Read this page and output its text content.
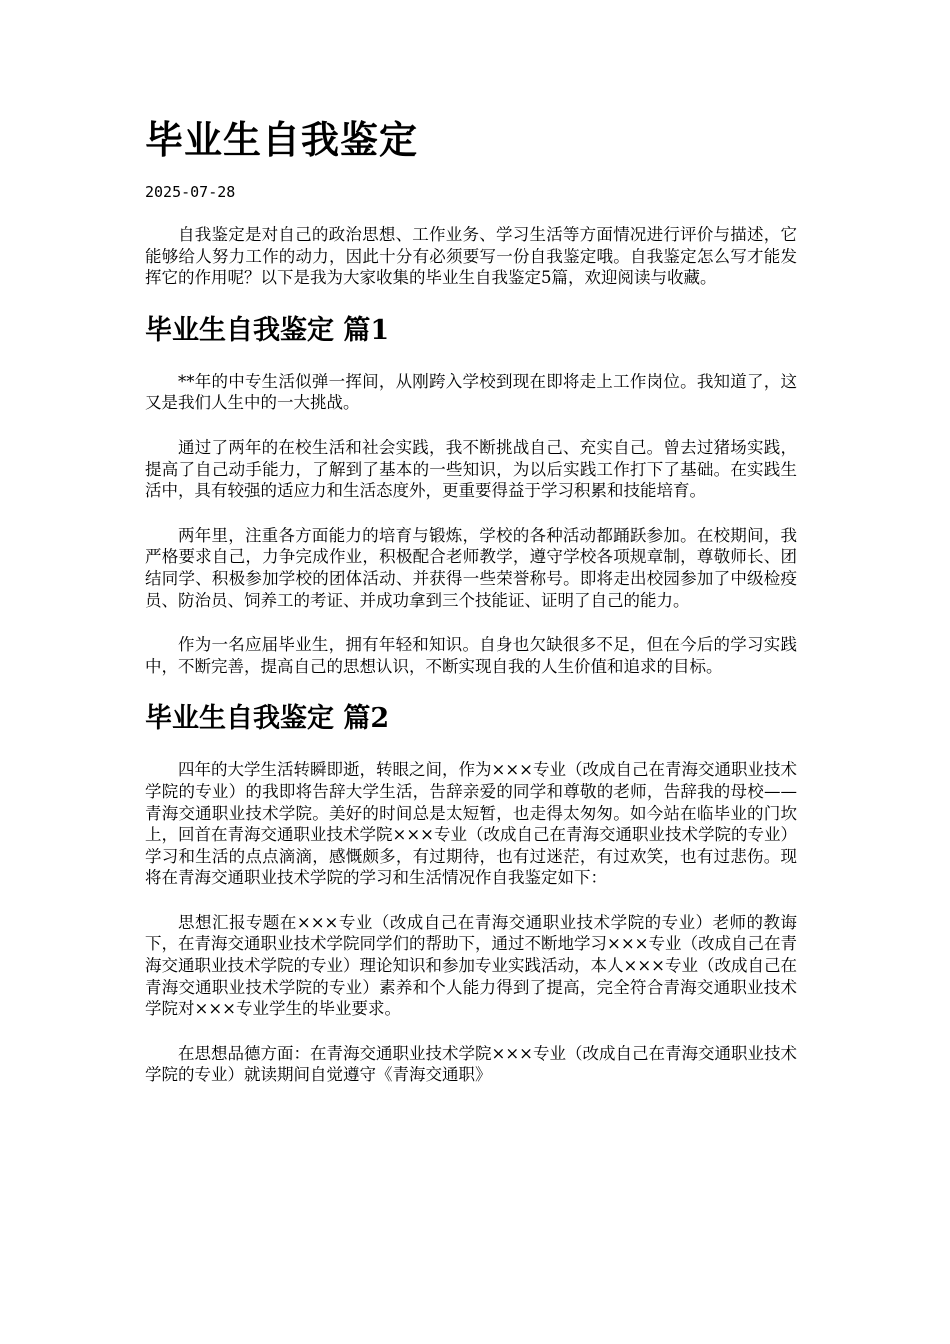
毕业生自我鉴定
2025-07-28

自我鉴定是对自己的政治思想、工作业务、学习生活等方面情况进行评价与描述，它能够给人努力工作的动力，因此十分有必须要写一份自我鉴定哦。自我鉴定怎么写才能发挥它的作用呢？以下是我为大家收集的毕业生自我鉴定5篇，欢迎阅读与收藏。

毕业生自我鉴定 篇1

**年的中专生活似弹一挥间，从刚跨入学校到现在即将走上工作岗位。我知道了，这又是我们人生中的一大挑战。

通过了两年的在校生活和社会实践，我不断挑战自己、充实自己。曾去过猪场实践，提高了自己动手能力，了解到了基本的一些知识，为以后实践工作打下了基础。在实践生活中，具有较强的适应力和生活态度外，更重要得益于学习积累和技能培育。

两年里，注重各方面能力的培育与锻炼，学校的各种活动都踊跃参加。在校期间，我严格要求自己，力争完成作业，积极配合老师教学，遵守学校各项规章制，尊敬师长、团结同学、积极参加学校的团体活动、并获得一些荣誉称号。即将走出校园参加了中级检疫员、防治员、饲养工的考证、并成功拿到三个技能证、证明了自己的能力。

作为一名应届毕业生，拥有年轻和知识。自身也欠缺很多不足，但在今后的学习实践中，不断完善，提高自己的思想认识，不断实现自我的人生价值和追求的目标。

毕业生自我鉴定 篇2

四年的大学生活转瞬即逝，转眼之间，作为×××专业（改成自己在青海交通职业技术学院的专业）的我即将告辞大学生活，告辞亲爱的同学和尊敬的老师，告辞我的母校——青海交通职业技术学院。美好的时间总是太短暂，也走得太匆匆。如今站在临毕业的门坎上，回首在青海交通职业技术学院×××专业（改成自己在青海交通职业技术学院的专业）学习和生活的点点滴滴，感慨颇多，有过期待，也有过迷茫，有过欢笑，也有过悲伤。现将在青海交通职业技术学院的学习和生活情况作自我鉴定如下：

思想汇报专题在×××专业（改成自己在青海交通职业技术学院的专业）老师的教诲下，在青海交通职业技术学院同学们的帮助下，通过不断地学习×××专业（改成自己在青海交通职业技术学院的专业）理论知识和参加专业实践活动，本人×××专业（改成自己在青海交通职业技术学院的专业）素养和个人能力得到了提高，完全符合青海交通职业技术学院对×××专业学生的毕业要求。

在思想品德方面：在青海交通职业技术学院×××专业（改成自己在青海交通职业技术学院的专业）就读期间自觉遵守《青海交通职》
